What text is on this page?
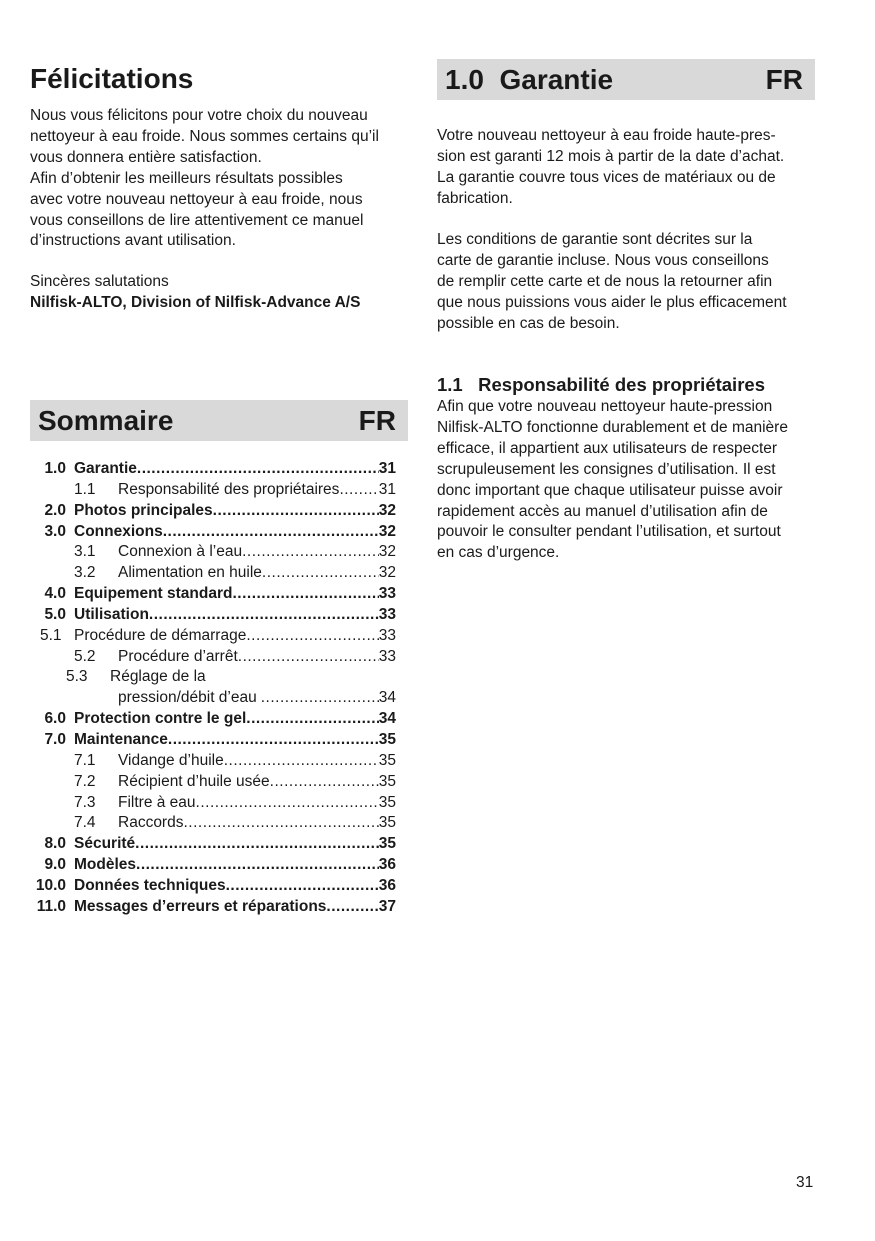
Félicitations
Nous vous félicitons pour votre choix du nouveau
nettoyeur à eau froide. Nous sommes certains qu’il
vous donnera entière satisfaction.
Afin d’obtenir les meilleurs résultats possibles
avec votre nouveau nettoyeur à eau froide, nous
vous conseillons de lire attentivement ce manuel
d’instructions avant utilisation.
Sincères salutations
Nilfisk-ALTO, Division of Nilfisk-Advance A/S
Sommaire	FR
1.0 Garantie .....	31
1.1	Responsabilité des propriétaires .....	31
2.0 Photos principales .....	32
3.0 Connexions .....	32
3.1	Connexion à l’eau .....	32
3.2	Alimentation en huile .....	32
4.0 Equipement standard .....	33
5.0 Utilisation .....	33
5.1 Procédure de démarrage .....	33
5.2	Procédure d’arrêt .....	33
5.3	Réglage de la
pression/débit d’eau .....	34
6.0 Protection contre le gel .....	34
7.0 Maintenance .....	35
7.1	Vidange d’huile .....	35
7.2	Récipient d’huile usée .....	35
7.3	Filtre à eau .....	35
7.4	Raccords .....	35
8.0 Sécurité .....	35
9.0 Modèles .....	36
10.0 Données techniques .....	36
11.0 Messages d’erreurs et réparations .....	37
1.0  Garantie	FR
Votre nouveau nettoyeur à eau froide haute-pres-
sion est garanti 12 mois à partir de la date d’achat.
La garantie couvre tous vices de matériaux ou de
fabrication.
Les conditions de garantie sont décrites sur la
carte de garantie incluse. Nous vous conseillons
de remplir cette carte et de nous la retourner afin
que nous puissions vous aider le plus efficacement
possible en cas de besoin.
1.1   Responsabilité des propriétaires
Afin que votre nouveau nettoyeur haute-pression
Nilfisk-ALTO fonctionne durablement et de manière
efficace, il appartient aux utilisateurs de respecter
scrupuleusement les consignes d’utilisation. Il est
donc important que chaque utilisateur puisse avoir
rapidement accès au manuel d’utilisation afin de
pouvoir le consulter pendant l’utilisation, et surtout
en cas d’urgence.
31
